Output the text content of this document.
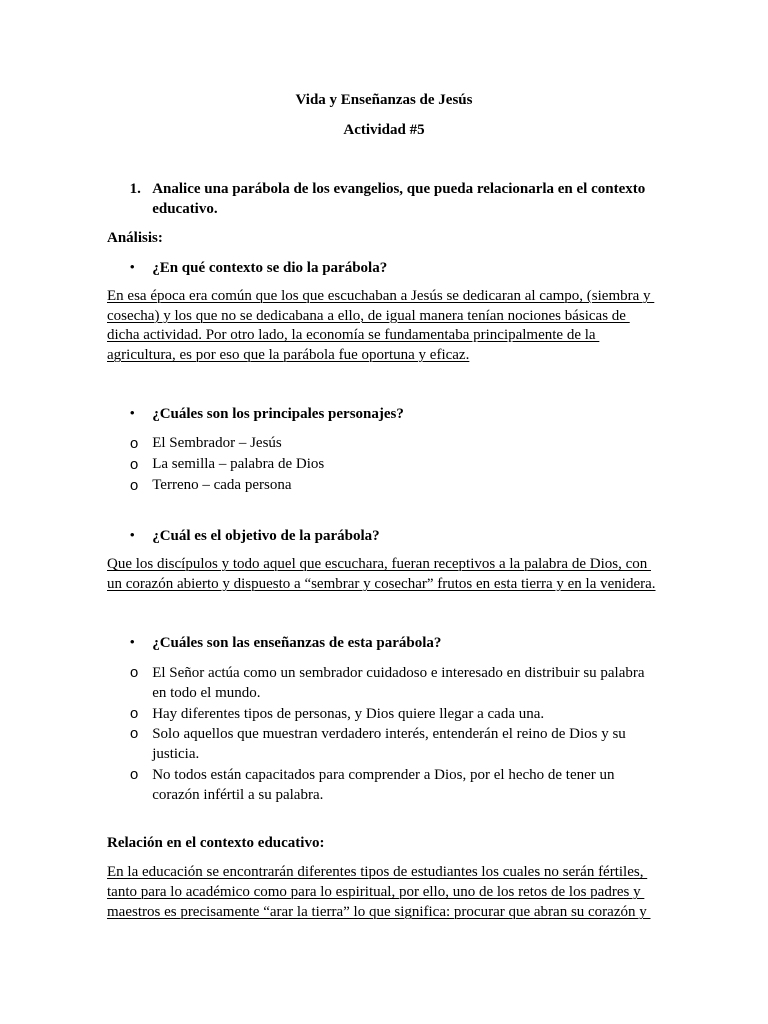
Vida y Enseñanzas de Jesús
Actividad #5
1. Analice una parábola de los evangelios, que pueda relacionarla en el contexto
educativo.
Análisis:
• ¿En qué contexto se dio la parábola?
En esa época era común que los que escuchaban a Jesús se dedicaran al campo, (siembra y
cosecha) y los que no se dedicabana a ello, de igual manera tenían nociones básicas de
dicha actividad. Por otro lado, la economía se fundamentaba principalmente de la
agricultura, es por eso que la parábola fue oportuna y eficaz.
• ¿Cuáles son los principales personajes?
o El Sembrador – Jesús
o La semilla – palabra de Dios
o Terreno – cada persona
• ¿Cuál es el objetivo de la parábola?
Que los discípulos y todo aquel que escuchara, fueran receptivos a la palabra de Dios, con
un corazón abierto y dispuesto a “sembrar y cosechar” frutos en esta tierra y en la venidera.
• ¿Cuáles son las enseñanzas de esta parábola?
o El Señor actúa como un sembrador cuidadoso e interesado en distribuir su palabra
en todo el mundo.
o Hay diferentes tipos de personas, y Dios quiere llegar a cada una.
o Solo aquellos que muestran verdadero interés, entenderán el reino de Dios y su
justicia.
o No todos están capacitados para comprender a Dios, por el hecho de tener un
corazón infértil a su palabra.
Relación en el contexto educativo:
En la educación se encontrarán diferentes tipos de estudiantes los cuales no serán fértiles,
tanto para lo académico como para lo espiritual, por ello, uno de los retos de los padres y
maestros es precisamente “arar la tierra” lo que significa: procurar que abran su corazón y
